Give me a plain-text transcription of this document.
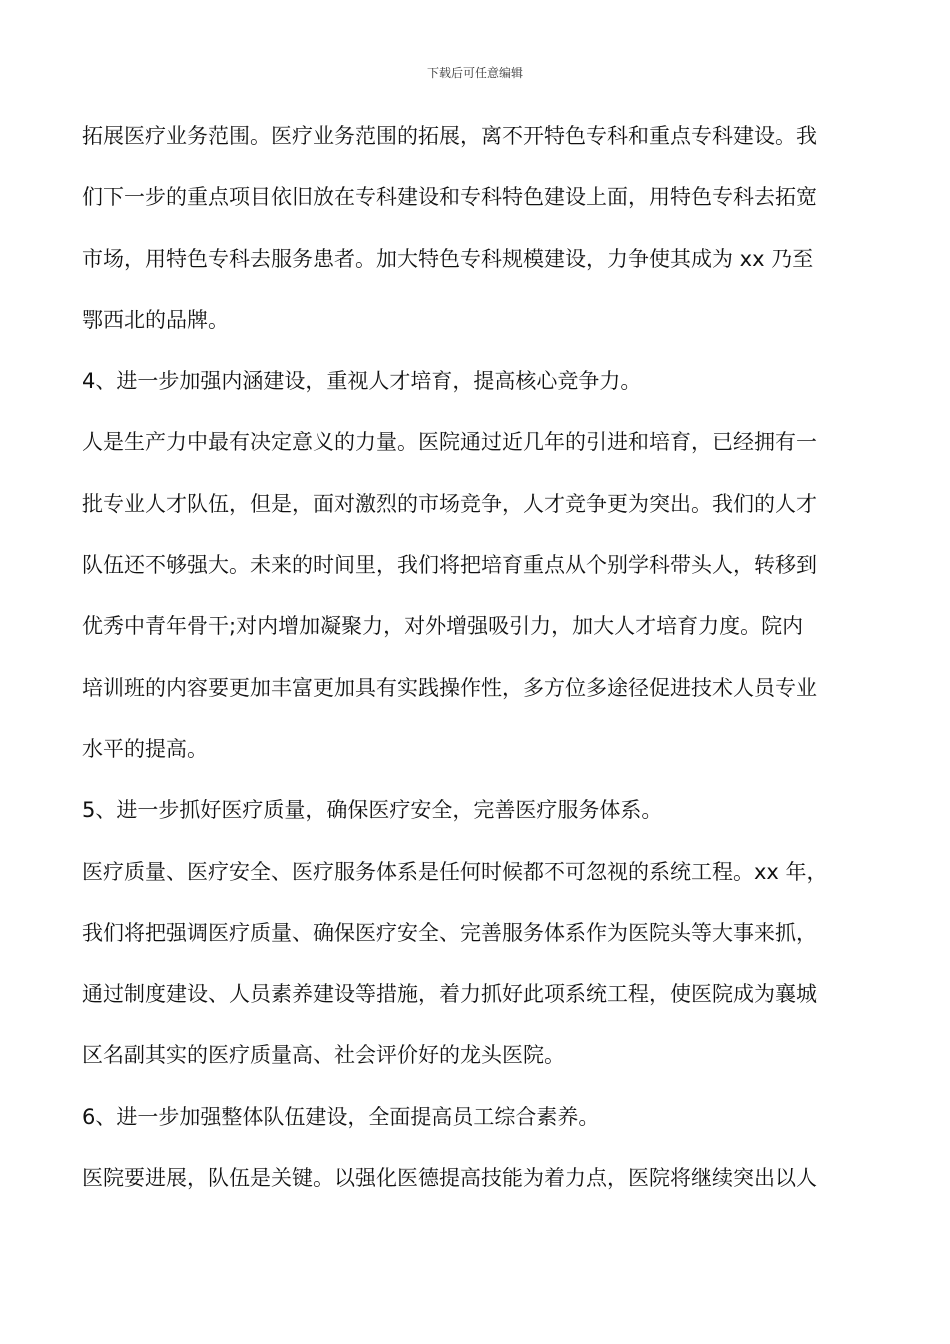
下载后可任意编辑
拓展医疗业务范围。医疗业务范围的拓展，离不开特色专科和重点专科建设。我
们下一步的重点项目依旧放在专科建设和专科特色建设上面，用特色专科去拓宽
市场，用特色专科去服务患者。加大特色专科规模建设，力争使其成为 xx 乃至
鄂西北的品牌。
4、进一步加强内涵建设，重视人才培育，提高核心竞争力。
人是生产力中最有决定意义的力量。医院通过近几年的引进和培育，已经拥有一
批专业人才队伍，但是，面对激烈的市场竞争，人才竞争更为突出。我们的人才
队伍还不够强大。未来的时间里，我们将把培育重点从个别学科带头人，转移到
优秀中青年骨干;对内增加凝聚力，对外增强吸引力，加大人才培育力度。院内
培训班的内容要更加丰富更加具有实践操作性，多方位多途径促进技术人员专业
水平的提高。
5、进一步抓好医疗质量，确保医疗安全，完善医疗服务体系。
医疗质量、医疗安全、医疗服务体系是任何时候都不可忽视的系统工程。xx 年，
我们将把强调医疗质量、确保医疗安全、完善服务体系作为医院头等大事来抓，
通过制度建设、人员素养建设等措施，着力抓好此项系统工程，使医院成为襄城
区名副其实的医疗质量高、社会评价好的龙头医院。
6、进一步加强整体队伍建设，全面提高员工综合素养。
医院要进展，队伍是关键。以强化医德提高技能为着力点，医院将继续突出以人
